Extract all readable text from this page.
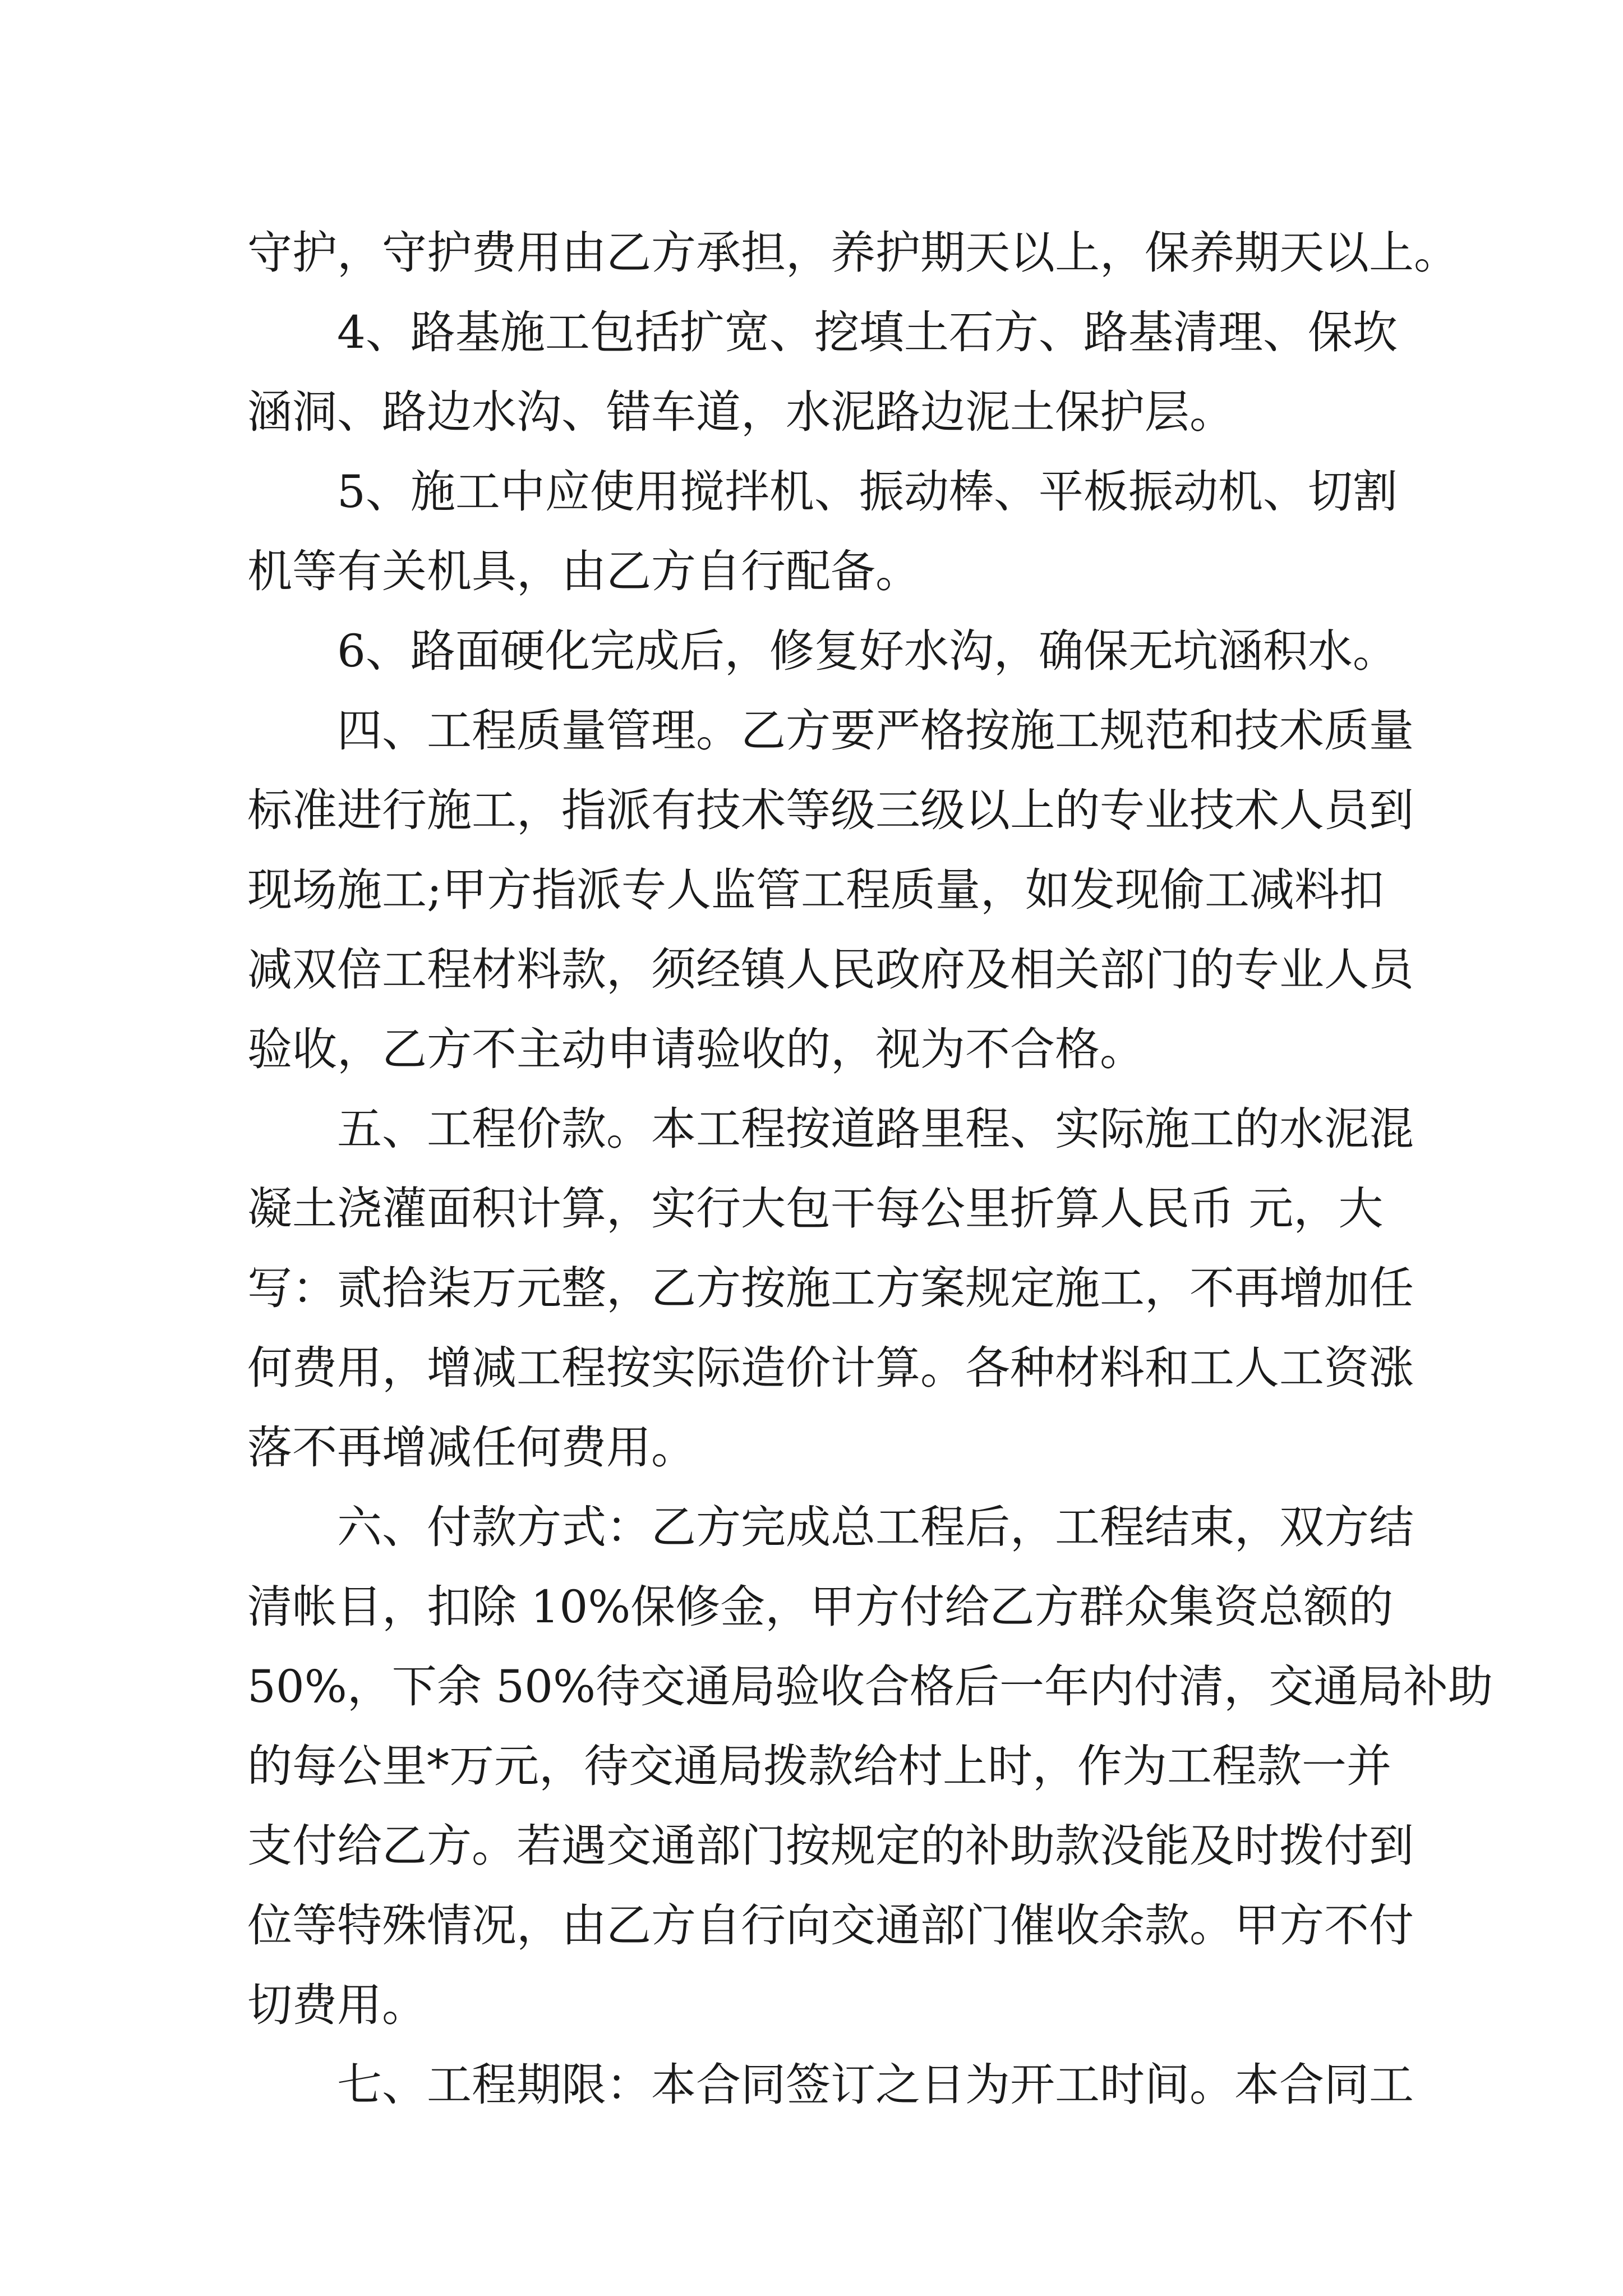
守护，守护费用由乙方承担，养护期天以上，保养期天以上。
4、路基施工包括扩宽、挖填土石方、路基清理、保坎
涵洞、路边水沟、错车道，水泥路边泥土保护层。
5、施工中应使用搅拌机、振动棒、平板振动机、切割
机等有关机具，由乙方自行配备。
6、路面硬化完成后，修复好水沟，确保无坑涵积水。
四、工程质量管理。乙方要严格按施工规范和技术质量
标准进行施工，指派有技术等级三级以上的专业技术人员到
现场施工;甲方指派专人监管工程质量，如发现偷工减料扣
减双倍工程材料款，须经镇人民政府及相关部门的专业人员
验收，乙方不主动申请验收的，视为不合格。
五、工程价款。本工程按道路里程、实际施工的水泥混
凝土浇灌面积计算，实行大包干每公里折算人民币 元，大
写：贰拾柒万元整，乙方按施工方案规定施工，不再增加任
何费用，增减工程按实际造价计算。各种材料和工人工资涨
落不再增减任何费用。
六、付款方式：乙方完成总工程后，工程结束，双方结
清帐目，扣除 10%保修金，甲方付给乙方群众集资总额的
50%，下余 50%待交通局验收合格后一年内付清，交通局补助
的每公里*万元，待交通局拨款给村上时，作为工程款一并
支付给乙方。若遇交通部门按规定的补助款没能及时拨付到
位等特殊情况，由乙方自行向交通部门催收余款。甲方不付
切费用。
七、工程期限：本合同签订之日为开工时间。本合同工
